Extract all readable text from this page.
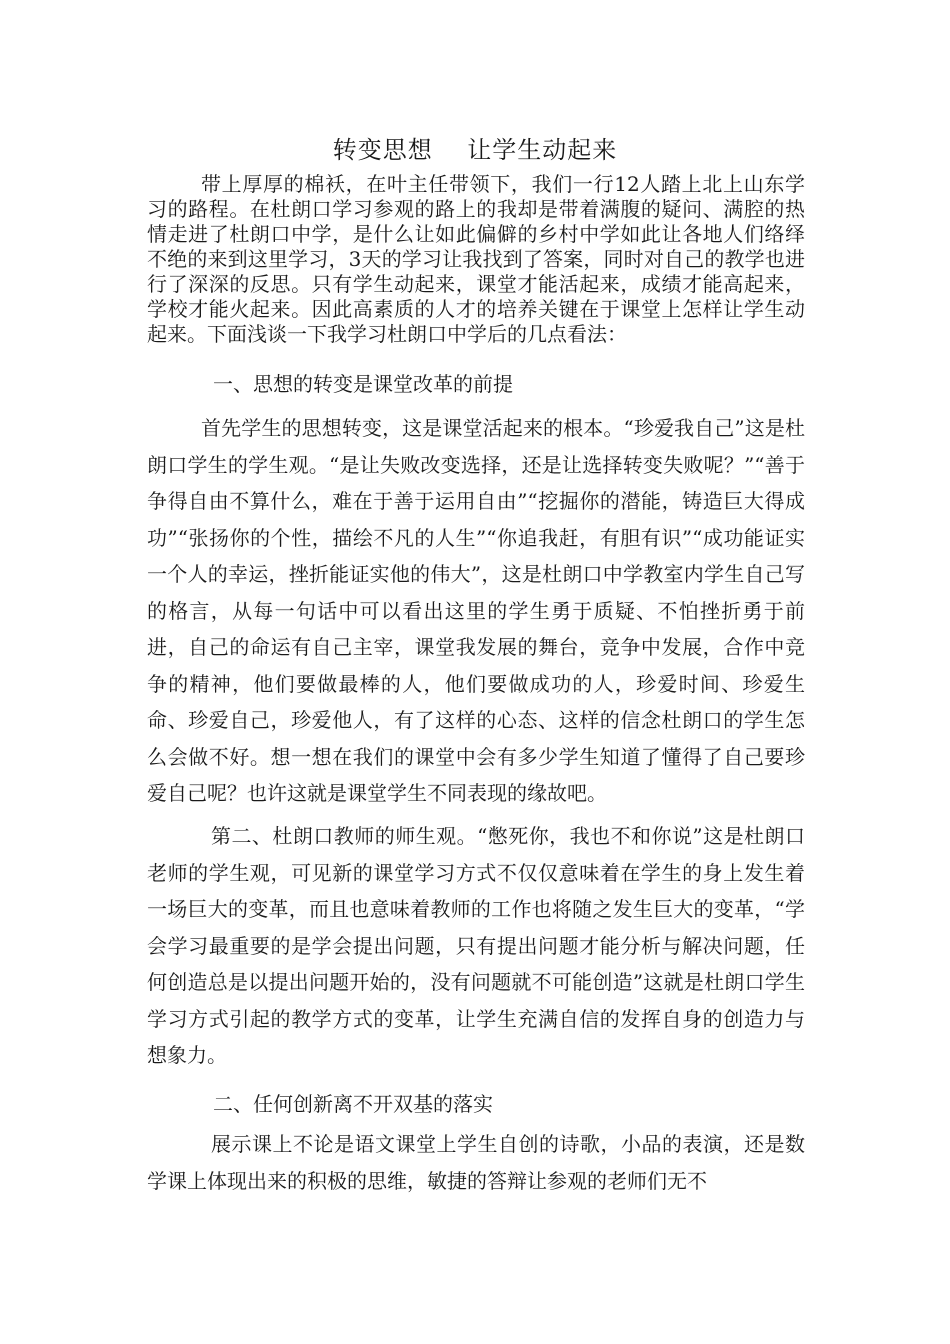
转变思想    让学生动起来

带上厚厚的棉袄，在叶主任带领下，我们一行12人踏上北上山东学习的路程。在杜朗口学习参观的路上的我却是带着满腹的疑问、满腔的热情走进了杜朗口中学，是什么让如此偏僻的乡村中学如此让各地人们络绎不绝的来到这里学习，3天的学习让我找到了答案，同时对自己的教学也进行了深深的反思。只有学生动起来，课堂才能活起来，成绩才能高起来，学校才能火起来。因此高素质的人才的培养关键在于课堂上怎样让学生动起来。下面浅谈一下我学习杜朗口中学后的几点看法：

一、思想的转变是课堂改革的前提

首先学生的思想转变，这是课堂活起来的根本。“珍爱我自己”这是杜朗口学生的学生观。“是让失败改变选择，还是让选择转变失败呢？”“善于争得自由不算什么，难在于善于运用自由”“挖掘你的潜能，铸造巨大得成功”“张扬你的个性，描绘不凡的人生”“你追我赶，有胆有识”“成功能证实一个人的幸运，挫折能证实他的伟大”，这是杜朗口中学教室内学生自己写的格言，从每一句话中可以看出这里的学生勇于质疑、不怕挫折勇于前进，自己的命运有自己主宰，课堂我发展的舞台，竞争中发展，合作中竞争的精神，他们要做最棒的人，他们要做成功的人，珍爱时间、珍爱生命、珍爱自己，珍爱他人，有了这样的心态、这样的信念杜朗口的学生怎么会做不好。想一想在我们的课堂中会有多少学生知道了懂得了自己要珍爱自己呢？也许这就是课堂学生不同表现的缘故吧。

第二、杜朗口教师的师生观。“憋死你，我也不和你说”这是杜朗口老师的学生观，可见新的课堂学习方式不仅仅意味着在学生的身上发生着一场巨大的变革，而且也意味着教师的工作也将随之发生巨大的变革，“学会学习最重要的是学会提出问题，只有提出问题才能分析与解决问题，任何创造总是以提出问题开始的，没有问题就不可能创造”这就是杜朗口学生学习方式引起的教学方式的变革，让学生充满自信的发挥自身的创造力与想象力。

二、任何创新离不开双基的落实

展示课上不论是语文课堂上学生自创的诗歌，小品的表演，还是数学课上体现出来的积极的思维，敏捷的答辩让参观的老师们无不
